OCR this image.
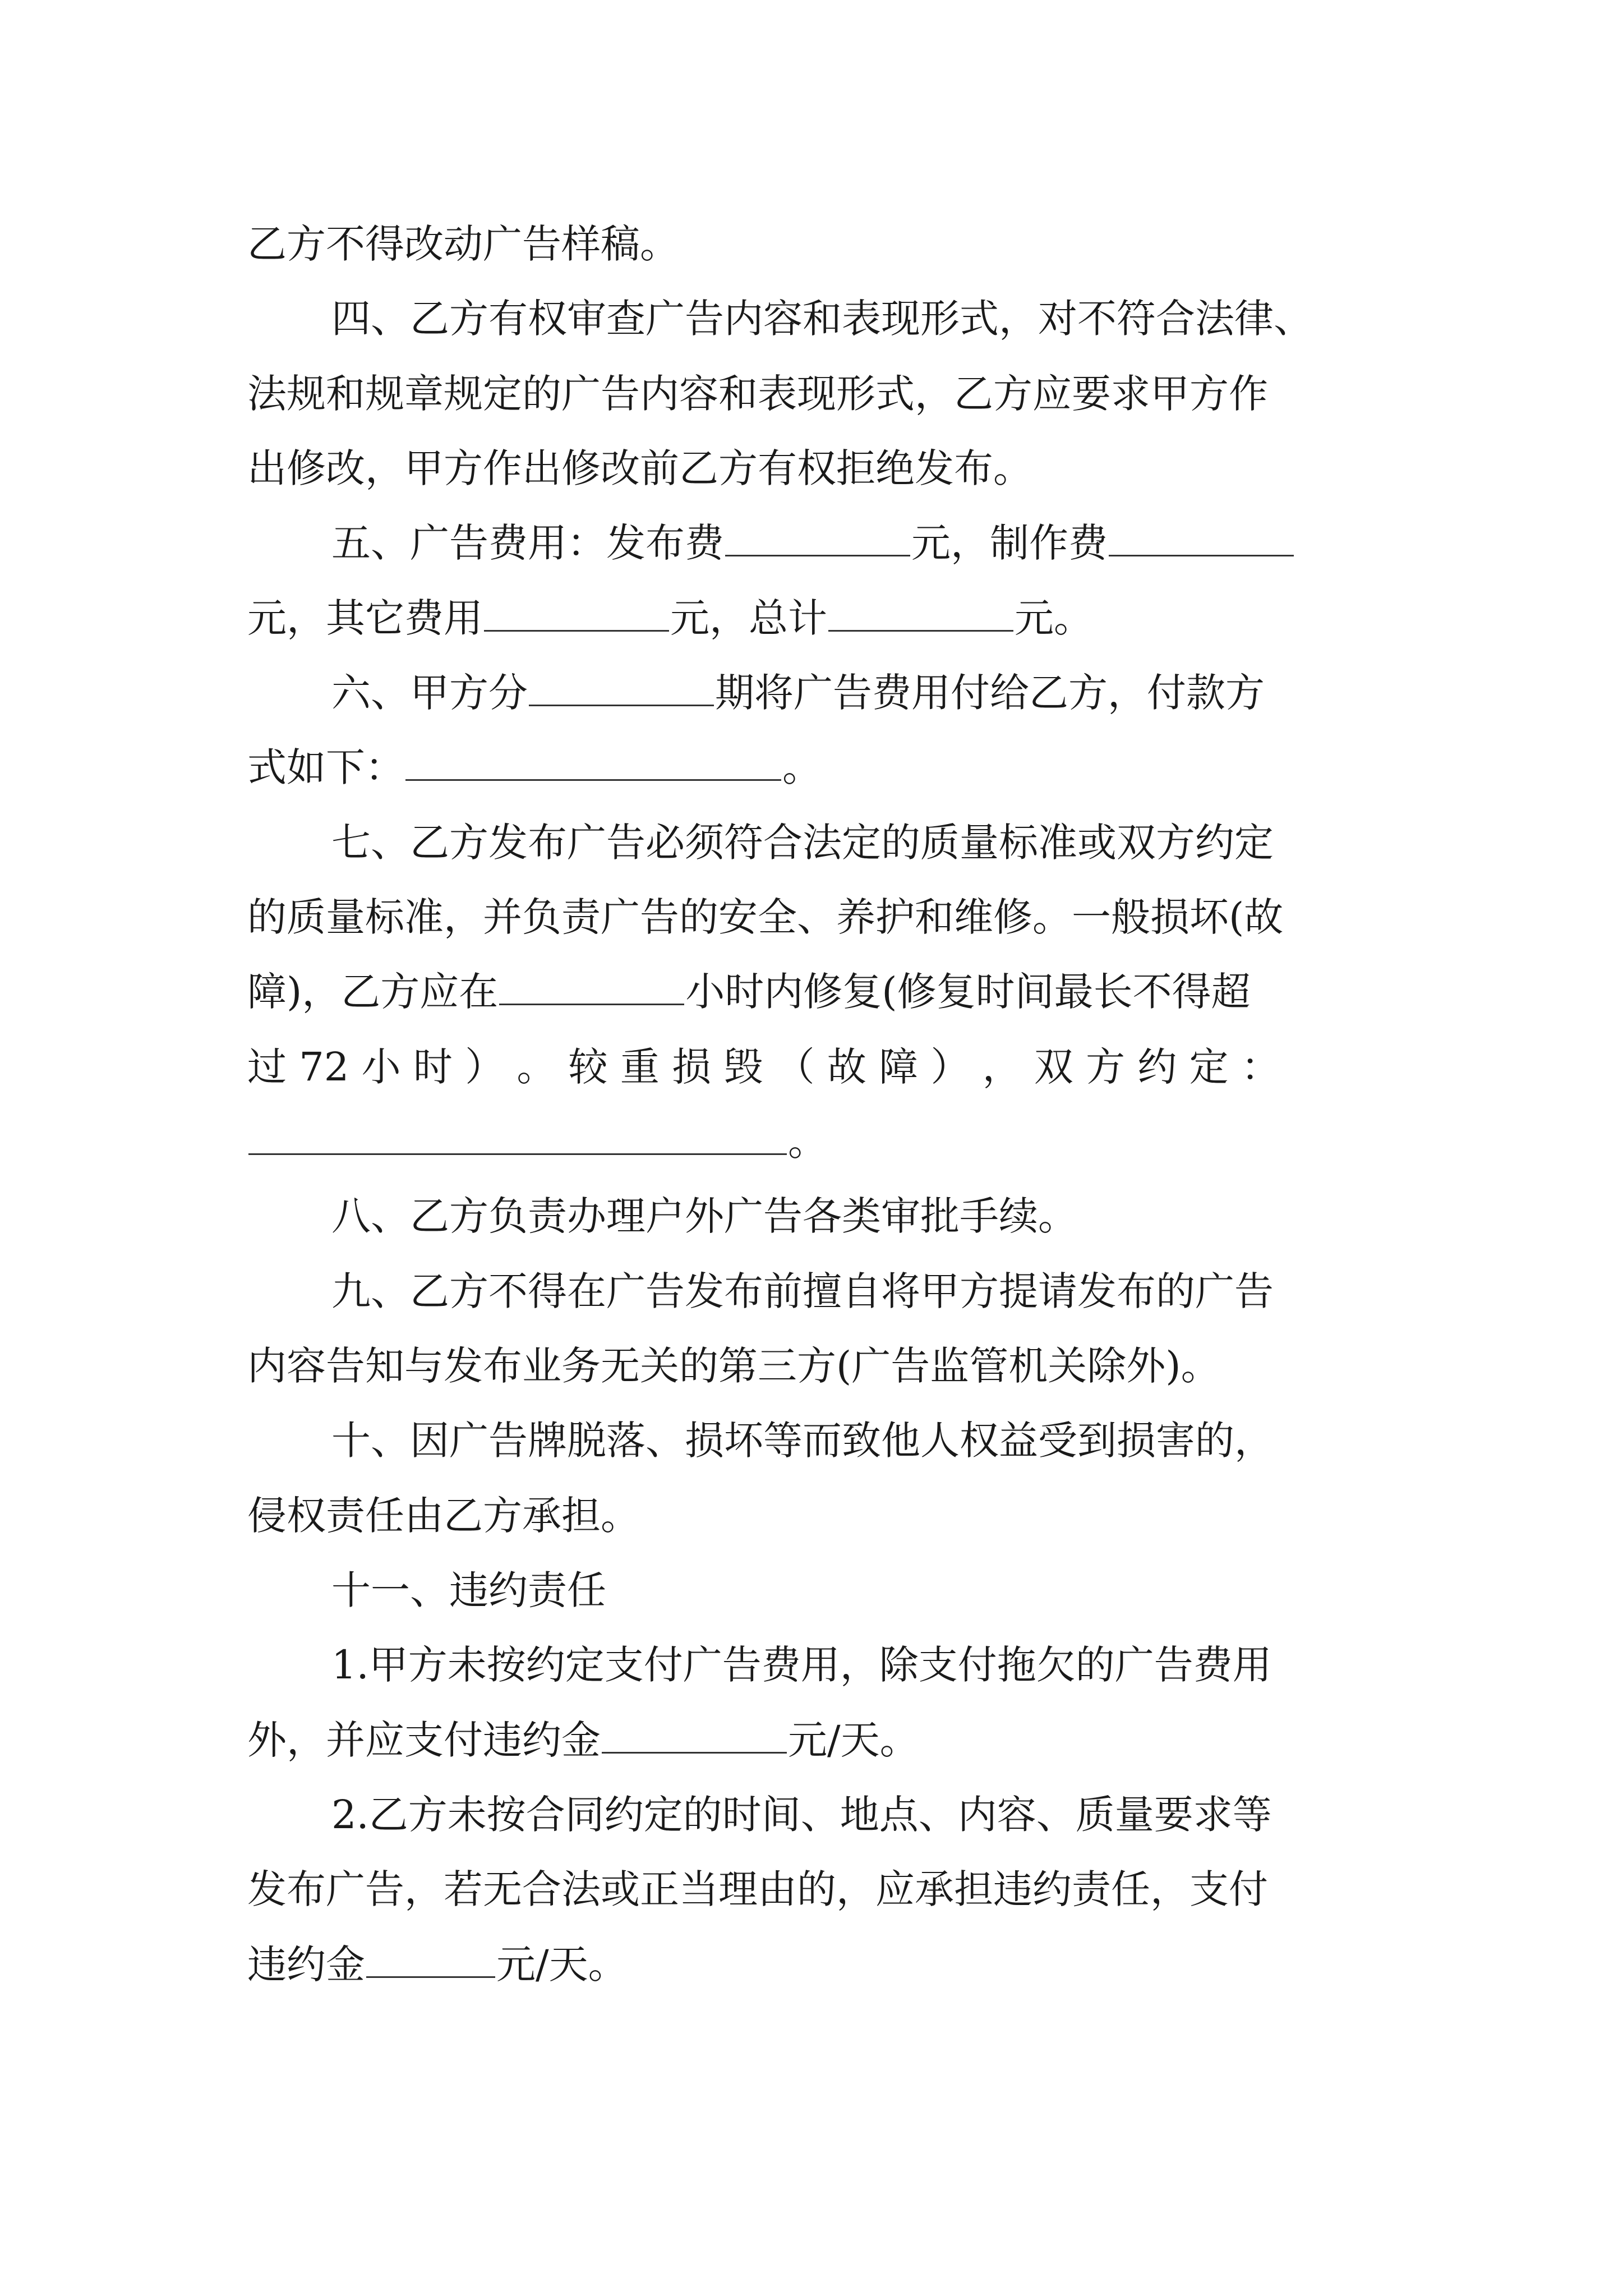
乙方不得改动广告样稿。
四、乙方有权审查广告内容和表现形式，对不符合法律、
法规和规章规定的广告内容和表现形式，乙方应要求甲方作
出修改，甲方作出修改前乙方有权拒绝发布。
五、广告费用：发布费	元，制作费
元，其它费用	元，总计	元。
六、甲方分	期将广告费用付给乙方，付款方
式如下：	。
七、乙方发布广告必须符合法定的质量标准或双方约定
的质量标准，并负责广告的安全、养护和维修。一般损坏(故
障)，乙方应在	小时内修复(修复时间最长不得超
过 72 小 时 ） 。 较 重 损 毁 （ 故 障 ） ， 双 方 约 定 ：
。
八、乙方负责办理户外广告各类审批手续。
九、乙方不得在广告发布前擅自将甲方提请发布的广告
内容告知与发布业务无关的第三方(广告监管机关除外)。
十、因广告牌脱落、损坏等而致他人权益受到损害的，
侵权责任由乙方承担。
十一、违约责任
1.甲方未按约定支付广告费用，除支付拖欠的广告费用
外，并应支付违约金	元/天。
2.乙方未按合同约定的时间、地点、内容、质量要求等
发布广告，若无合法或正当理由的，应承担违约责任，支付
违约金	元/天。
